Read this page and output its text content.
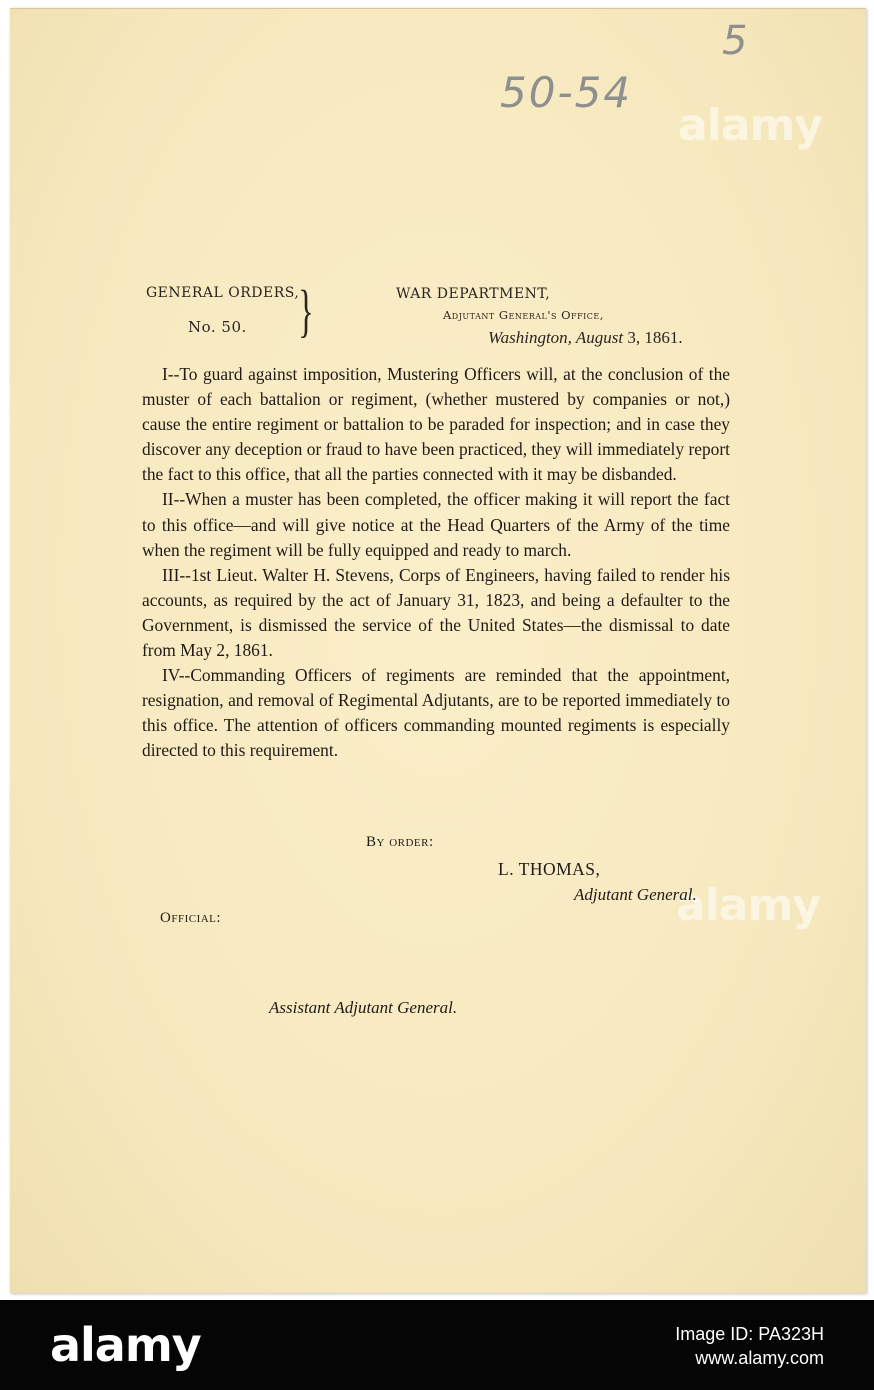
5
50-54
alamy
alamy
GENERAL ORDERS,
No. 50. }	WAR DEPARTMENT,
Adjutant General's Office,
Washington, August 3, 1861.

I--To guard against imposition, Mustering Officers will, at the conclusion of the muster of each battalion or regiment, (whether mustered by companies or not,) cause the entire regiment or battalion to be paraded for inspection; and in case they discover any deception or fraud to have been practiced, they will immediately report the fact to this office, that all the parties connected with it may be disbanded.

II--When a muster has been completed, the officer making it will report the fact to this office—and will give notice at the Head Quarters of the Army of the time when the regiment will be fully equipped and ready to march.

III--1st Lieut. Walter H. Stevens, Corps of Engineers, having failed to render his accounts, as required by the act of January 31, 1823, and being a defaulter to the Government, is dismissed the service of the United States—the dismissal to date from May 2, 1861.

IV--Commanding Officers of regiments are reminded that the appointment, resignation, and removal of Regimental Adjutants, are to be reported immediately to this office. The attention of officers commanding mounted regiments is especially directed to this requirement.

By order:
L. THOMAS,
Adjutant General.
Official:
Assistant Adjutant General.
alamy	Image ID: PA323H
www.alamy.com
